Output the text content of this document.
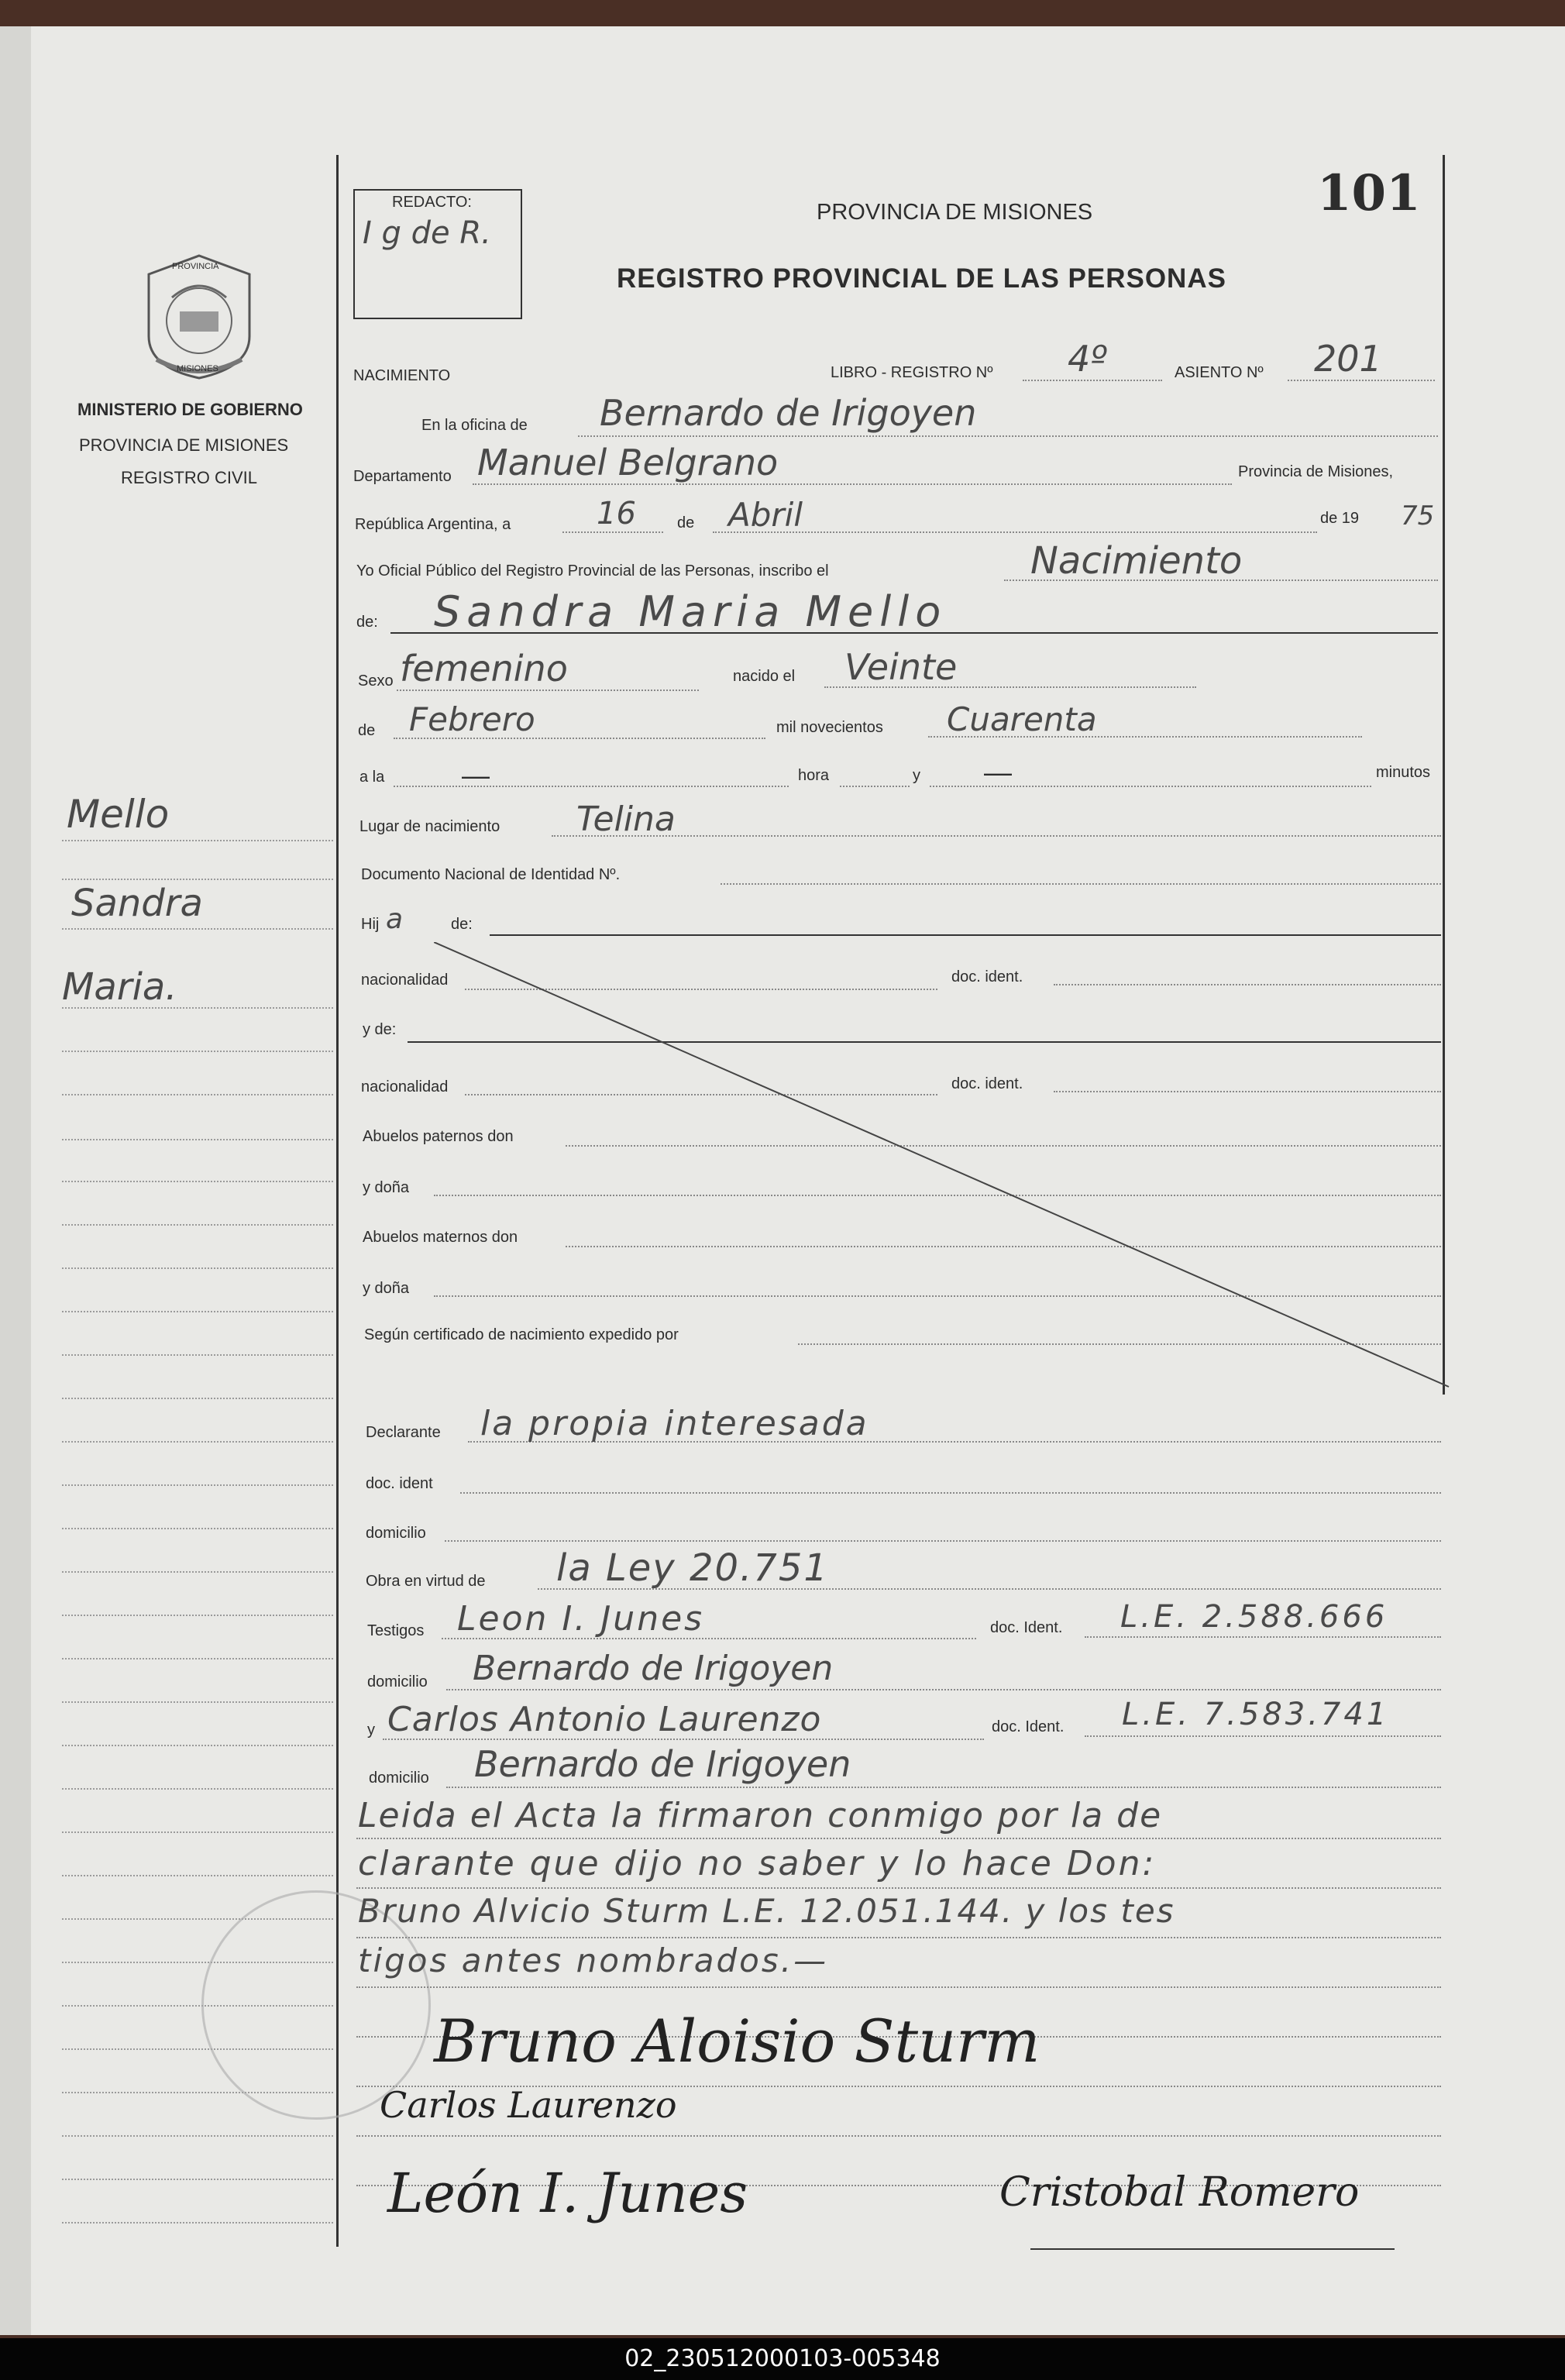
REDACTO:
I g de R.
PROVINCIA DE MISIONES	101
REGISTRO PROVINCIAL DE LAS PERSONAS
PROVINCIA
MISIONES
MINISTERIO DE GOBIERNO
PROVINCIA DE MISIONES
REGISTRO CIVIL
Mello
Sandra
Maria.
NACIMIENTO	LIBRO - REGISTRO Nº 4º	ASIENTO Nº 201
En la oficina de Bernardo de Irigoyen
Departamento Manuel Belgrano	Provincia de Misiones,
República Argentina, a	16	de Abril	de 19 75
Yo Oficial Público del Registro Provincial de las Personas, inscribo el	Nacimiento
de: Sandra Maria Mello
Sexo femenino	nacido el Veinte
de Febrero	mil novecientos Cuarenta
a la	—	hora	y —	minutos
Lugar de nacimiento Telina
Documento Nacional de Identidad Nº.
Hij a	de:
nacionalidad	doc. ident.
y de:
nacionalidad	doc. ident.
Abuelos paternos don
y doña
Abuelos maternos don
y doña
Según certificado de nacimiento expedido por
Declarante la propia interesada
doc. ident
domicilio
Obra en virtud de la Ley 20.751
Testigos Leon I. Junes	doc. Ident. L.E. 2.588.666
domicilio Bernardo de Irigoyen
y Carlos Antonio Laurenzo	doc. Ident. L.E. 7.583.741
domicilio Bernardo de Irigoyen
Leida el Acta la firmaron conmigo por la de
clarante que dijo no saber y lo hace Don:
Bruno Alvicio Sturm L.E. 12.051.144. y los tes
tigos antes nombrados.—
Bruno Aloisio Sturm
Carlos Laurenzo
León I. Junes	Cristobal Romero
02_230512000103-005348
